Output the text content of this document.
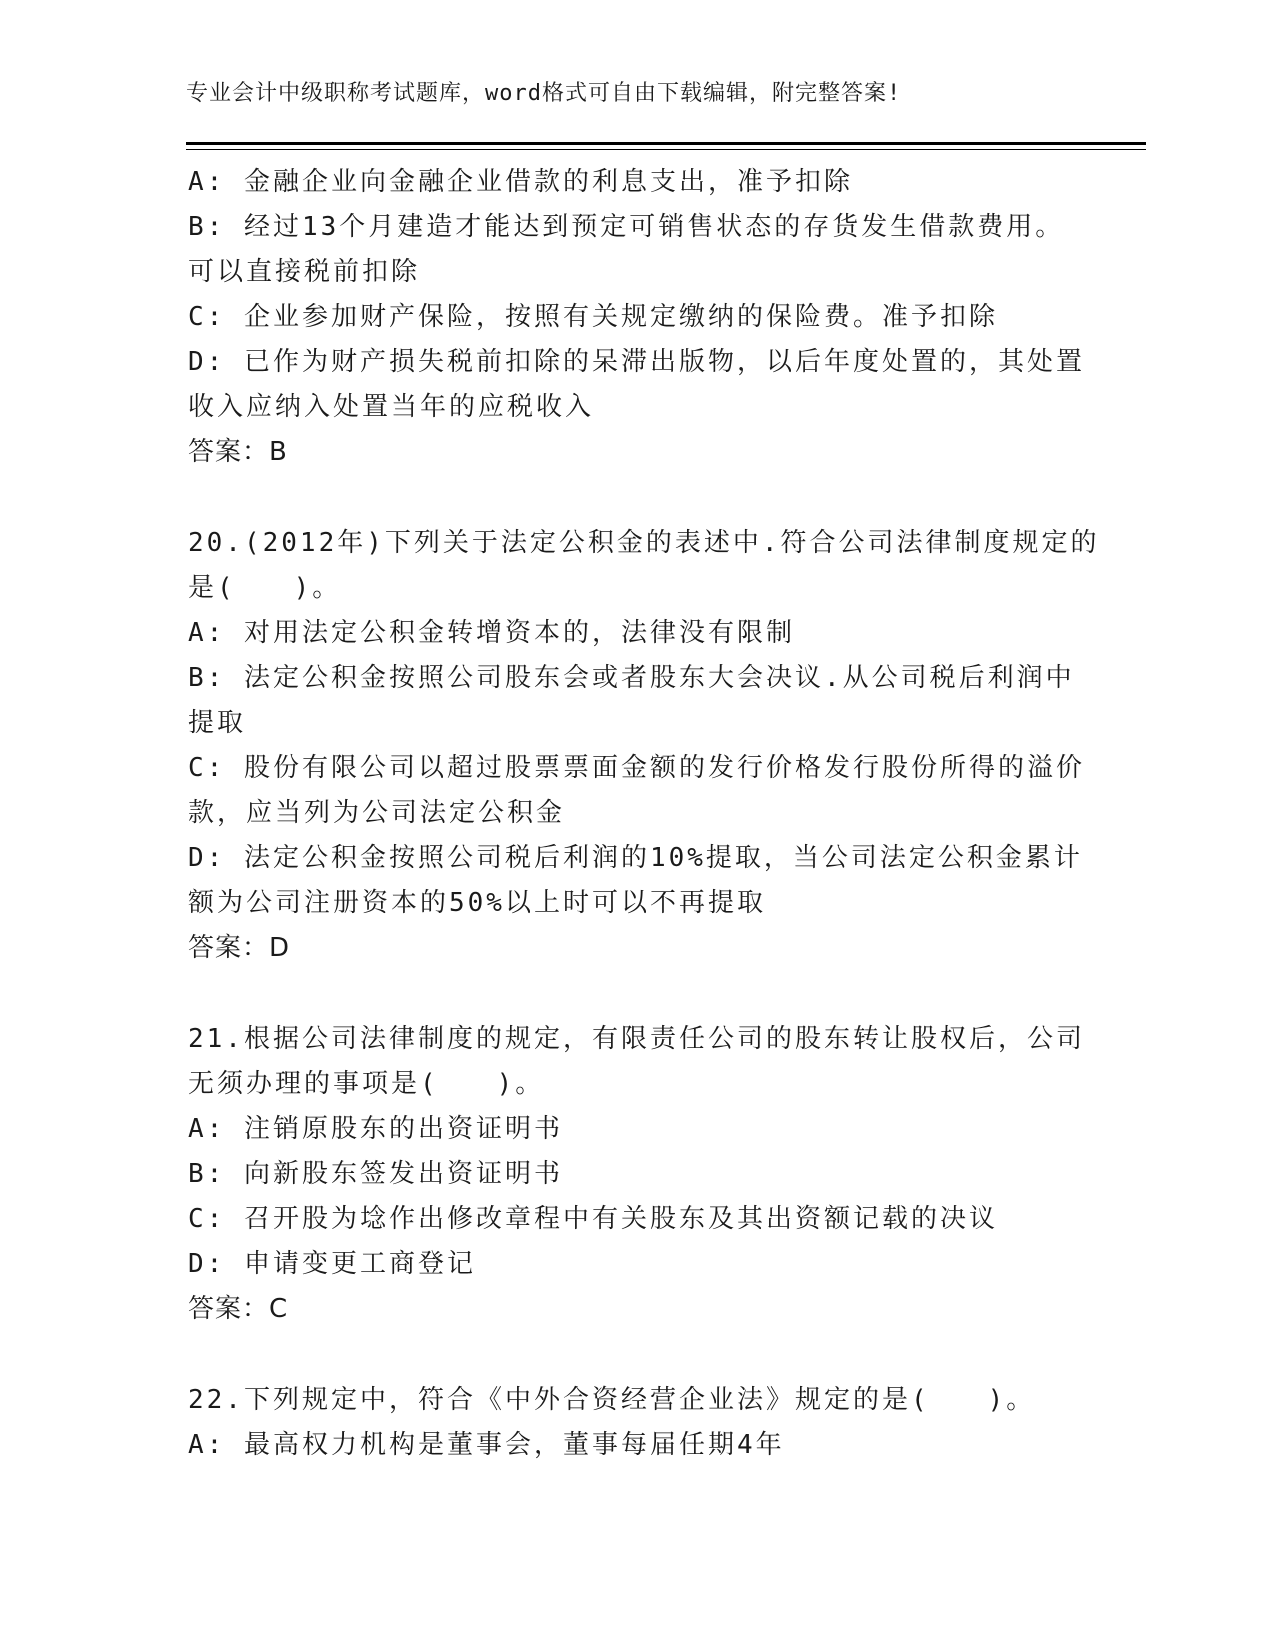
专业会计中级职称考试题库，word格式可自由下载编辑，附完整答案!
A: 金融企业向金融企业借款的利息支出，准予扣除
B: 经过13个月建造才能达到预定可销售状态的存货发生借款费用。
可以直接税前扣除
C: 企业参加财产保险，按照有关规定缴纳的保险费。准予扣除
D: 已作为财产损失税前扣除的呆滞出版物，以后年度处置的，其处置
收入应纳入处置当年的应税收入
答案：B
20.(2012年)下列关于法定公积金的表述中.符合公司法律制度规定的
是(　　)。
A: 对用法定公积金转增资本的，法律没有限制
B: 法定公积金按照公司股东会或者股东大会决议.从公司税后利润中
提取
C: 股份有限公司以超过股票票面金额的发行价格发行股份所得的溢价
款，应当列为公司法定公积金
D: 法定公积金按照公司税后利润的10%提取，当公司法定公积金累计
额为公司注册资本的50%以上时可以不再提取
答案：D
21.根据公司法律制度的规定，有限责任公司的股东转让股权后，公司
无须办理的事项是(　　)。
A: 注销原股东的出资证明书
B: 向新股东签发出资证明书
C: 召开股为埝作出修改章程中有关股东及其出资额记载的决议
D: 申请变更工商登记
答案：C
22.下列规定中，符合《中外合资经营企业法》规定的是(　　)。
A: 最高权力机构是董事会，董事每届任期4年
